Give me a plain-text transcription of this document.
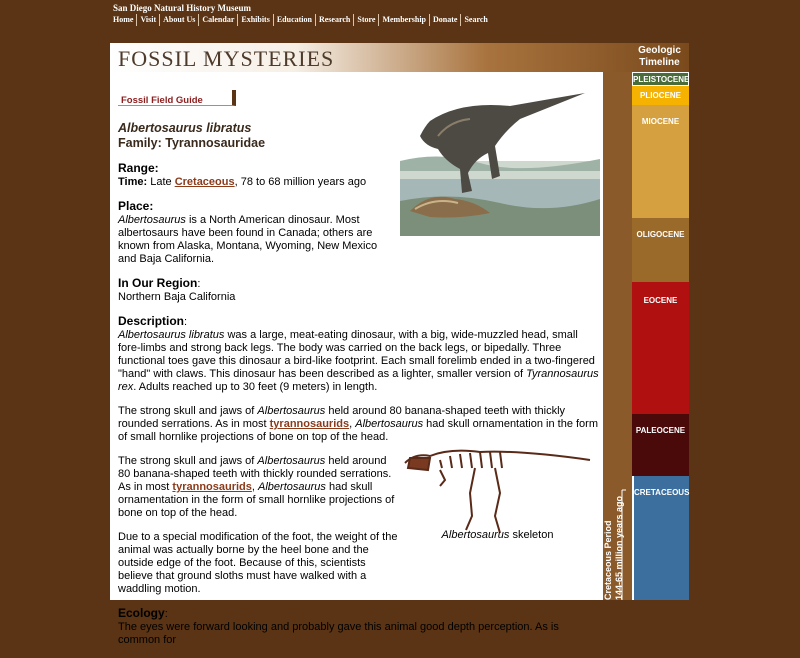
San Diego Natural History Museum
Home Visit About Us Calendar Exhibits Education Research Store Membership Donate Search
FOSSIL MYSTERIES
Fossil Field Guide
Albertosaurus skeleton

Albertosaurus libratus
Family: Tyrannosauridae

Range:
Time: Late Cretaceous, 78 to 68 million years ago

Place:
Albertosaurus is a North American dinosaur. Most albertosaurs have been found in Canada; others are known from Alaska, Montana, Wyoming, New Mexico and Baja California.

In Our Region:
Northern Baja California

Description:
Albertosaurus libratus was a large, meat-eating dinosaur, with a big, wide-muzzled head, small fore-limbs and strong back legs. The body was carried on the back legs, or bipedally. Three functional toes gave this dinosaur a bird-like footprint. Each small forelimb ended in a two-fingered "hand" with claws. This dinosaur has been described as a lighter, smaller version of Tyrannosaurus rex. Adults reached up to 30 feet (9 meters) in length.

The strong skull and jaws of Albertosaurus held around 80 banana-shaped teeth with thickly rounded serrations. As in most tyrannosaurids, Albertosaurus had skull ornamentation in the form of small hornlike projections of bone on top of the head.

The strong skull and jaws of Albertosaurus held around 80 banana-shaped teeth with thickly rounded serrations. As in most tyrannosaurids, Albertosaurus had skull ornamentation in the form of small hornlike projections of bone on top of the head.

Due to a special modification of the foot, the weight of the animal was actually borne by the heel bone and the outside edge of the foot. Because of this, scientists believe that ground sloths must have walked with a waddling motion.

Ecology:
The eyes were forward looking and probably gave this animal good depth perception. As is common for

Geologic
Timeline
PLEISTOCENE
PLIOCENE
MIOCENE
OLIGOCENE
EOCENE
PALEOCENE
CRETACEOUS
Cretaceous Period 144-65 million years ago
